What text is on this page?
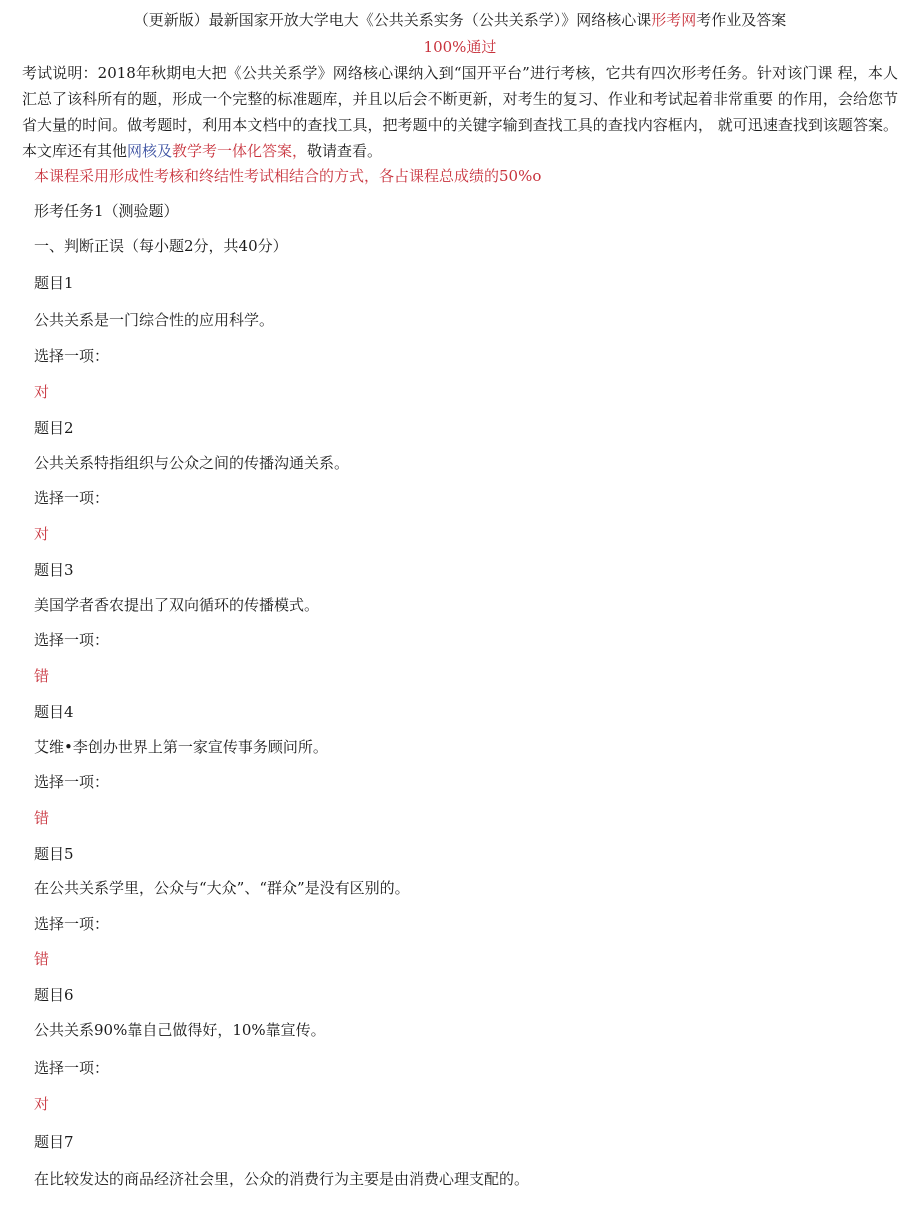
（更新版）最新国家开放大学电大《公共关系实务（公共关系学）》网络核心课形考网考作业及答案
100%通过
考试说明：2018年秋期电大把《公共关系学》网络核心课纳入到“国开平台”进行考核，它共有四次形考任务。针对该门课 程，本人汇总了该科所有的题，形成一个完整的标准题库，并且以后会不断更新，对考生的复习、作业和考试起着非常重要 的作用，会给您节省大量的时间。做考题时，利用本文档中的查找工具，把考题中的关键字输到查找工具的查找内容框内， 就可迅速查找到该题答案。本文库还有其他网核及教学考一体化答案，敬请查看。
本课程采用形成性考核和终结性考试相结合的方式，各占课程总成绩的50%o
形考任务1（测验题）
一、判断正误（每小题2分，共40分）
题目1
公共关系是一门综合性的应用科学。
选择一项：
对
题目2
公共关系特指组织与公众之间的传播沟通关系。
选择一项：
对
题目3
美国学者香农提出了双向循环的传播模式。
选择一项：
错
题目4
艾维•李创办世界上第一家宣传事务顾问所。
选择一项：
错
题目5
在公共关系学里，公众与“大众”、“群众”是没有区别的。
选择一项：
错
题目6
公共关系90%靠自己做得好，10%靠宣传。
选择一项：
对
题目7
在比较发达的商品经济社会里，公众的消费行为主要是由消费心理支配的。
